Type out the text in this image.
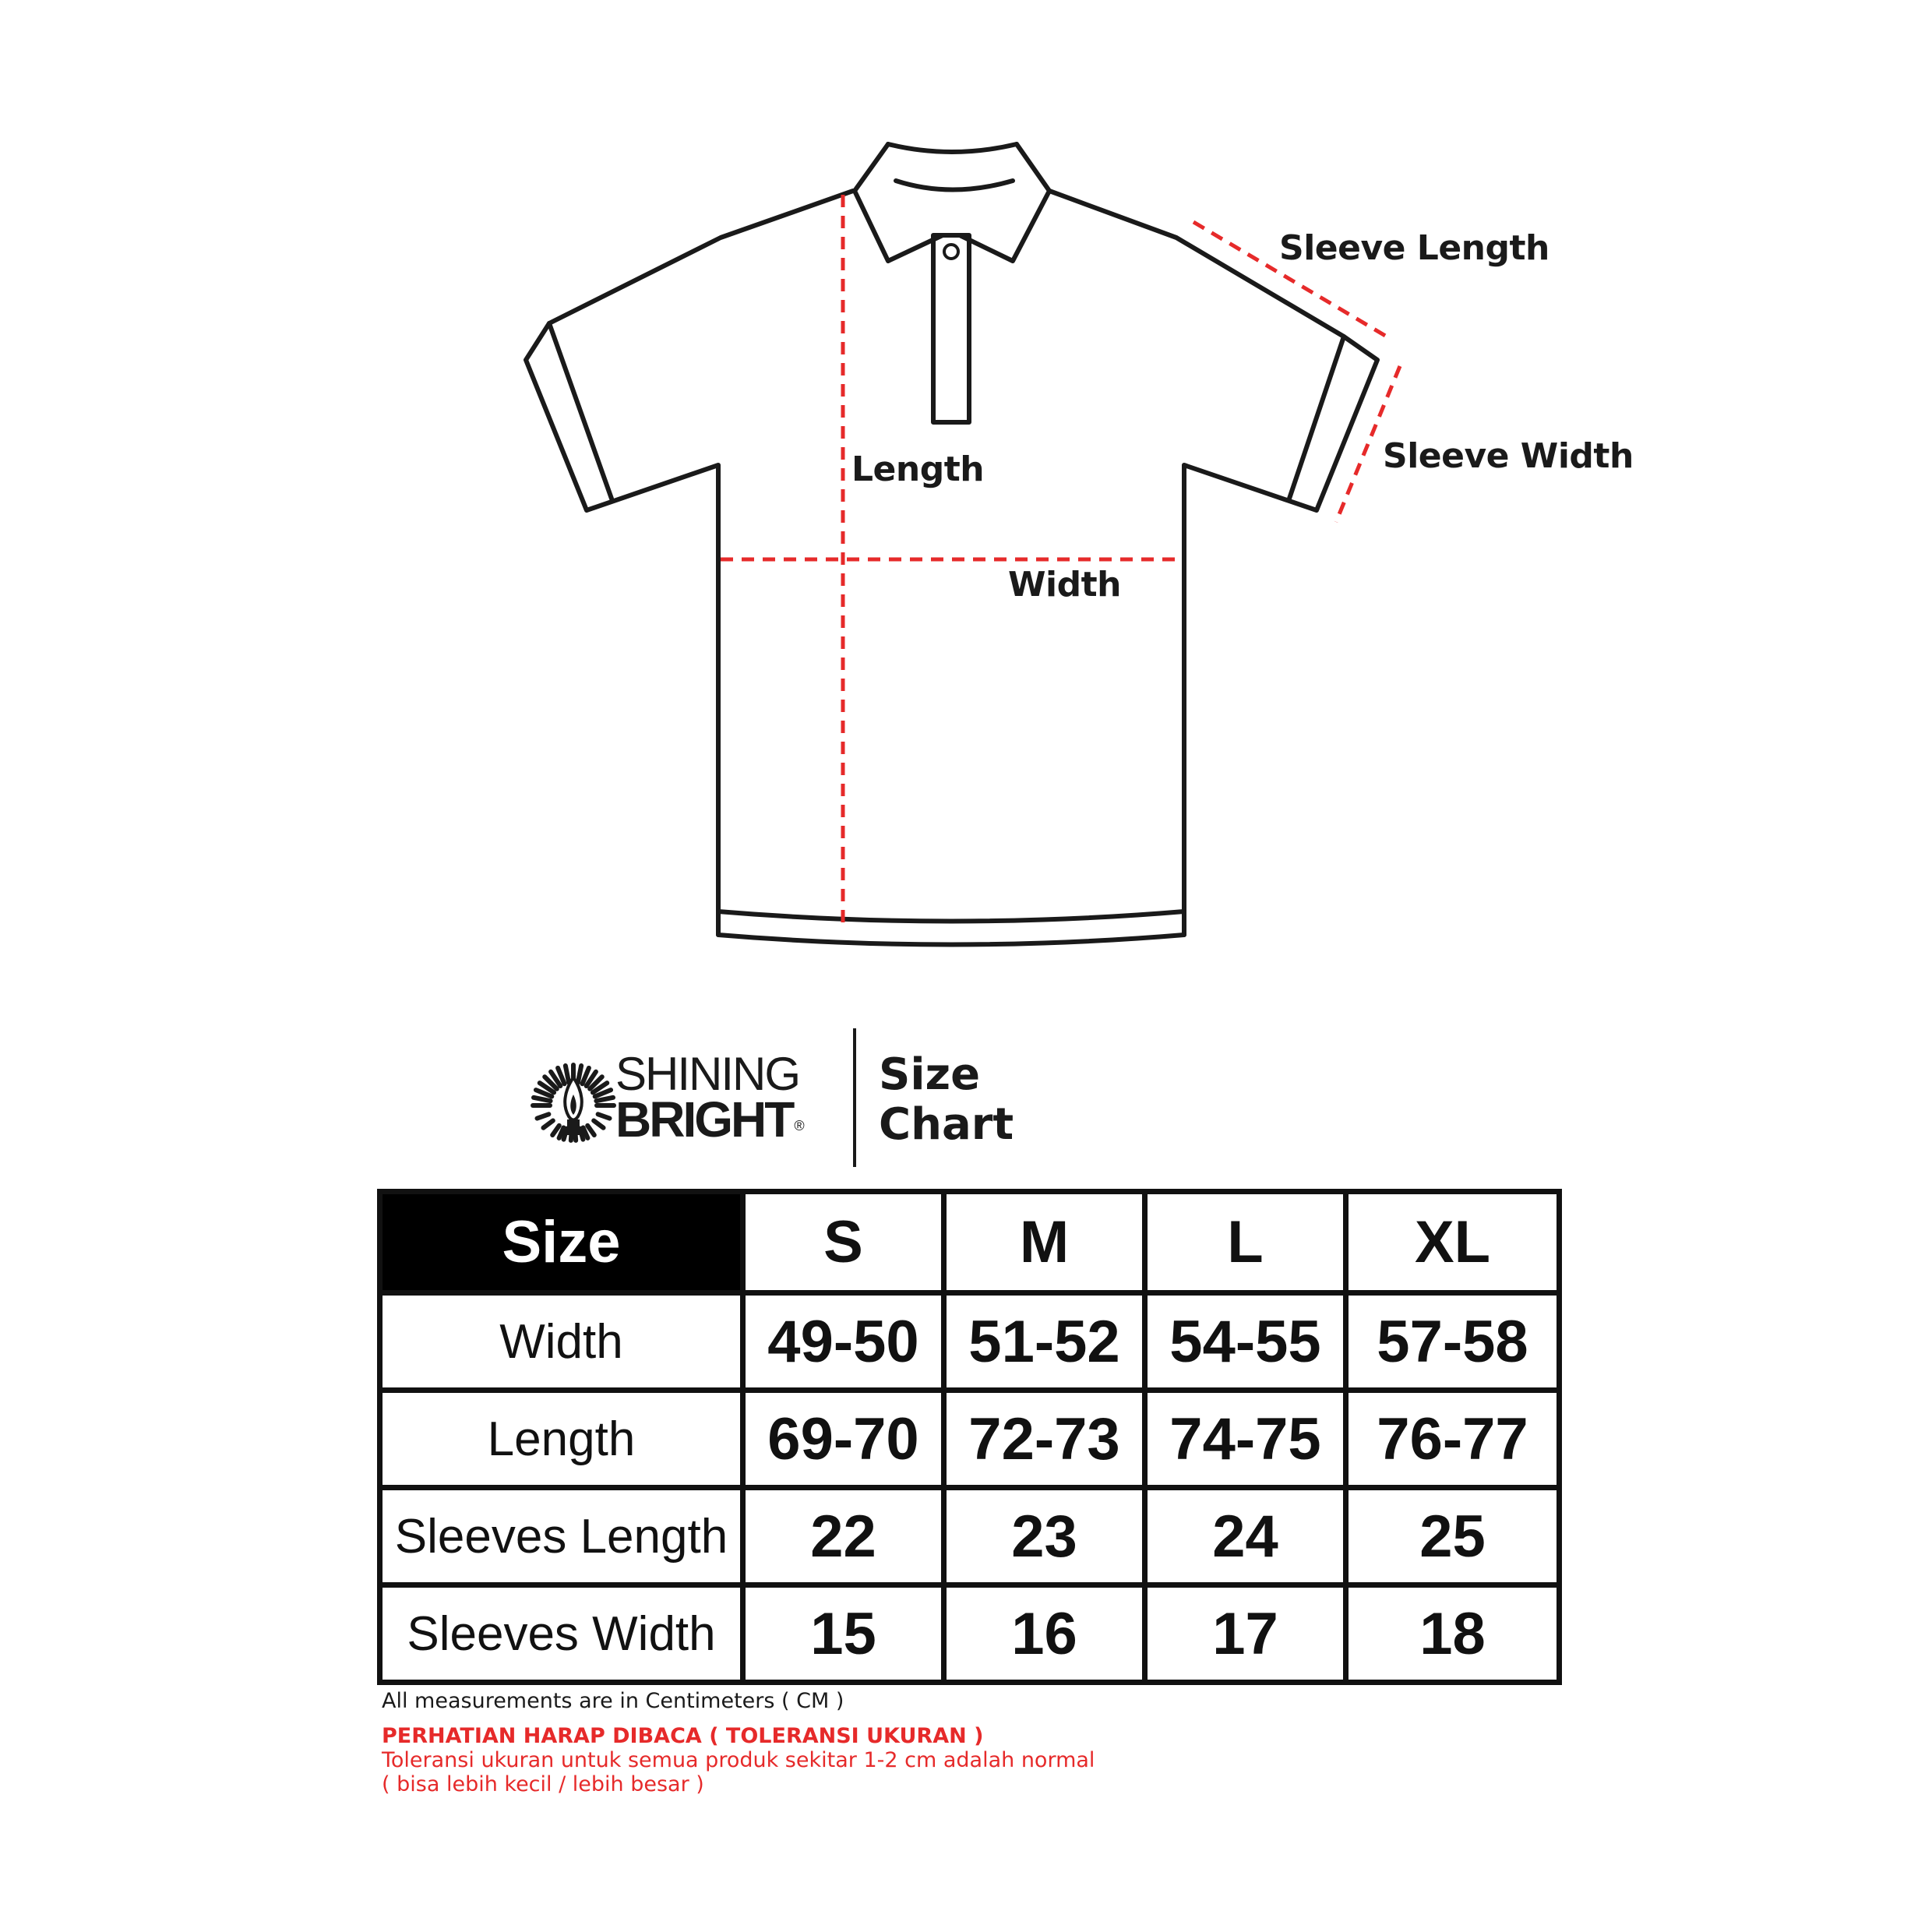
Sleeve Length
Sleeve Width
Length
Width
SHINING
BRIGHT ®
Size
Chart
Size	S	M	L	XL
Width	49-50	51-52	54-55	57-58
Length	69-70	72-73	74-75	76-77
Sleeves Length	22	23	24	25
Sleeves Width	15	16	17	18
All measurements are in Centimeters ( CM )
PERHATIAN HARAP DIBACA ( TOLERANSI UKURAN )
Toleransi ukuran untuk semua produk sekitar 1-2 cm adalah normal
( bisa lebih kecil / lebih besar )
